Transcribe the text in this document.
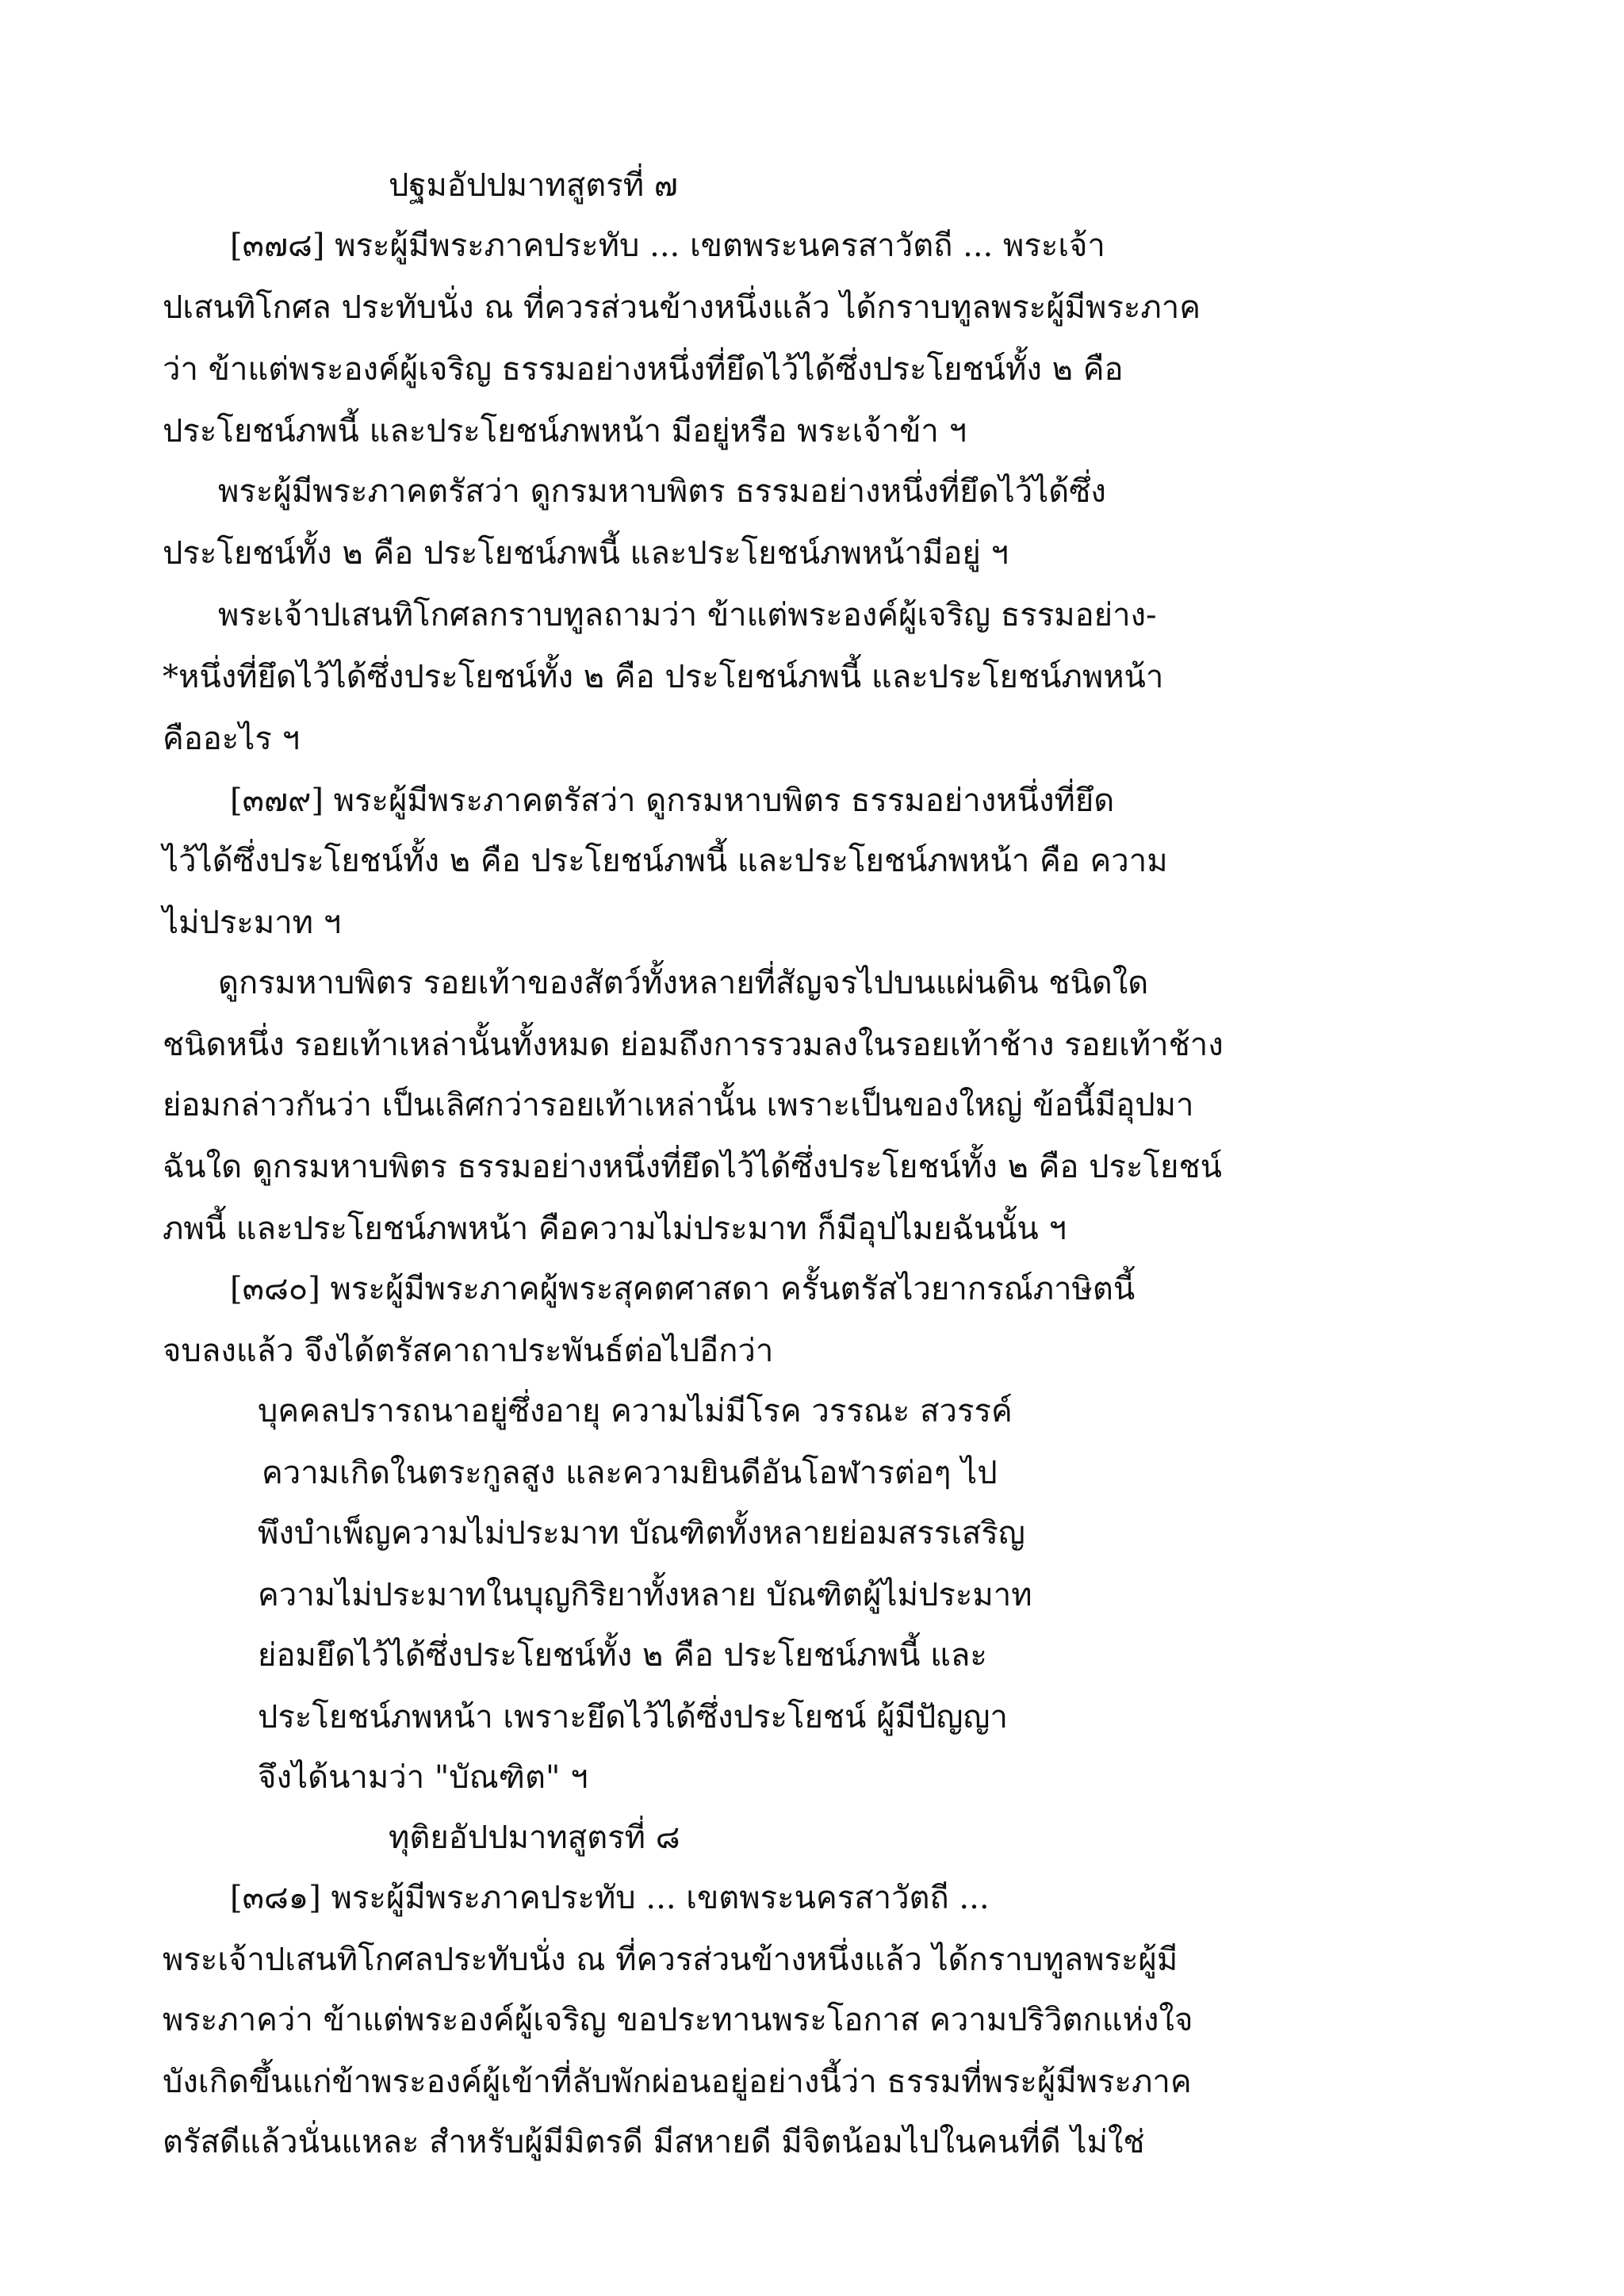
ปฐมอัปปมาทสูตรที่ ๗
[๓๗๘] พระผู้มีพระภาคประทับ ... เขตพระนครสาวัตถี ... พระเจ้า
ปเสนทิโกศล ประทับนั่ง ณ ที่ควรส่วนข้างหนึ่งแล้ว ได้กราบทูลพระผู้มีพระภาค
ว่า ข้าแต่พระองค์ผู้เจริญ ธรรมอย่างหนึ่งที่ยึดไว้ได้ซึ่งประโยชน์ทั้ง ๒ คือ
ประโยชน์ภพนี้ และประโยชน์ภพหน้า มีอยู่หรือ พระเจ้าข้า ฯ
พระผู้มีพระภาคตรัสว่า ดูกรมหาบพิตร ธรรมอย่างหนึ่งที่ยึดไว้ได้ซึ่ง
ประโยชน์ทั้ง ๒ คือ ประโยชน์ภพนี้ และประโยชน์ภพหน้ามีอยู่ ฯ
พระเจ้าปเสนทิโกศลกราบทูลถามว่า ข้าแต่พระองค์ผู้เจริญ ธรรมอย่าง-
*หนึ่งที่ยึดไว้ได้ซึ่งประโยชน์ทั้ง ๒ คือ ประโยชน์ภพนี้ และประโยชน์ภพหน้า
คืออะไร ฯ
[๓๗๙] พระผู้มีพระภาคตรัสว่า ดูกรมหาบพิตร ธรรมอย่างหนึ่งที่ยึด
ไว้ได้ซึ่งประโยชน์ทั้ง ๒ คือ ประโยชน์ภพนี้ และประโยชน์ภพหน้า คือ ความ
ไม่ประมาท ฯ
ดูกรมหาบพิตร รอยเท้าของสัตว์ทั้งหลายที่สัญจรไปบนแผ่นดิน ชนิดใด
ชนิดหนึ่ง รอยเท้าเหล่านั้นทั้งหมด ย่อมถึงการรวมลงในรอยเท้าช้าง รอยเท้าช้าง
ย่อมกล่าวกันว่า เป็นเลิศกว่ารอยเท้าเหล่านั้น เพราะเป็นของใหญ่ ข้อนี้มีอุปมา
ฉันใด ดูกรมหาบพิตร ธรรมอย่างหนึ่งที่ยึดไว้ได้ซึ่งประโยชน์ทั้ง ๒ คือ ประโยชน์
ภพนี้ และประโยชน์ภพหน้า คือความไม่ประมาท ก็มีอุปไมยฉันนั้น ฯ
[๓๘๐] พระผู้มีพระภาคผู้พระสุคตศาสดา ครั้นตรัสไวยากรณ์ภาษิตนี้
จบลงแล้ว จึงได้ตรัสคาถาประพันธ์ต่อไปอีกว่า
บุคคลปรารถนาอยู่ซึ่งอายุ ความไม่มีโรค วรรณะ สวรรค์
ความเกิดในตระกูลสูง และความยินดีอันโอฬารต่อๆ ไป
พึงบำเพ็ญความไม่ประมาท บัณฑิตทั้งหลายย่อมสรรเสริญ
ความไม่ประมาทในบุญกิริยาทั้งหลาย บัณฑิตผู้ไม่ประมาท
ย่อมยึดไว้ได้ซึ่งประโยชน์ทั้ง ๒ คือ ประโยชน์ภพนี้ และ
ประโยชน์ภพหน้า เพราะยึดไว้ได้ซึ่งประโยชน์ ผู้มีปัญญา
จึงได้นามว่า "บัณฑิต" ฯ
ทุติยอัปปมาทสูตรที่ ๘
[๓๘๑] พระผู้มีพระภาคประทับ ... เขตพระนครสาวัตถี ...
พระเจ้าปเสนทิโกศลประทับนั่ง ณ ที่ควรส่วนข้างหนึ่งแล้ว ได้กราบทูลพระผู้มี
พระภาคว่า ข้าแต่พระองค์ผู้เจริญ ขอประทานพระโอกาส ความปริวิตกแห่งใจ
บังเกิดขึ้นแก่ข้าพระองค์ผู้เข้าที่ลับพักผ่อนอยู่อย่างนี้ว่า ธรรมที่พระผู้มีพระภาค
ตรัสดีแล้วนั่นแหละ สำหรับผู้มีมิตรดี มีสหายดี มีจิตน้อมไปในคนที่ดี ไม่ใช่
